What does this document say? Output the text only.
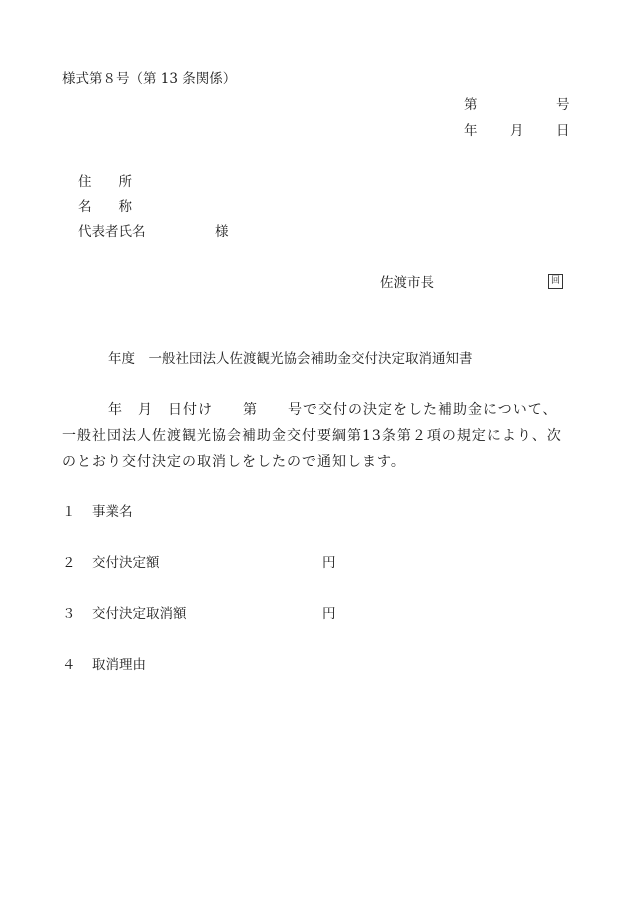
様式第８号（第 13 条関係）
第	号
年 月 日
住　　所
名　　称
代表者氏名	様
佐渡市長	回
年度　一般社団法人佐渡観光協会補助金交付決定取消通知書
年　月　日付け　　第　　号で交付の決定をした補助金について、
一般社団法人佐渡観光協会補助金交付要綱第13条第２項の規定により、次
のとおり交付決定の取消しをしたので通知します。
１ 事業名
２ 交付決定額	円
３ 交付決定取消額	円
４ 取消理由
